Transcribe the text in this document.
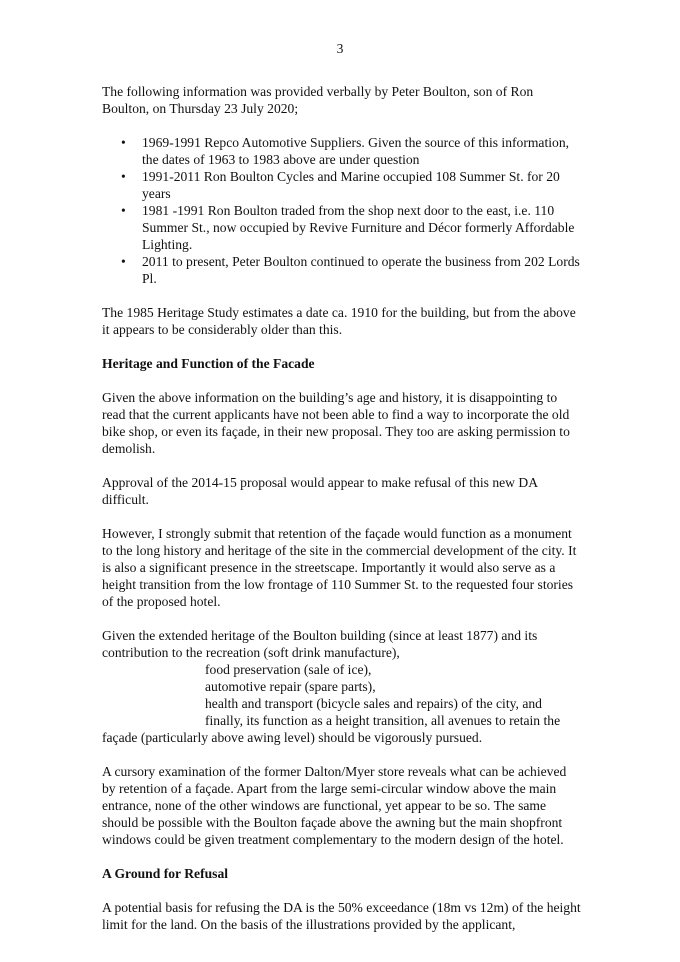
3

The following information was provided verbally by Peter Boulton, son of Ron Boulton, on Thursday 23 July 2020;

• 1969-1991 Repco Automotive Suppliers. Given the source of this information, the dates of 1963 to 1983 above are under question
• 1991-2011 Ron Boulton Cycles and Marine occupied 108 Summer St. for 20 years
• 1981 -1991 Ron Boulton traded from the shop next door to the east, i.e. 110 Summer St., now occupied by Revive Furniture and Décor formerly Affordable Lighting.
• 2011 to present, Peter Boulton continued to operate the business from 202 Lords Pl.

The 1985 Heritage Study estimates a date ca. 1910 for the building, but from the above it appears to be considerably older than this.

Heritage and Function of the Facade

Given the above information on the building’s age and history, it is disappointing to read that the current applicants have not been able to find a way to incorporate the old bike shop, or even its façade, in their new proposal. They too are asking permission to demolish.

Approval of the 2014-15 proposal would appear to make refusal of this new DA difficult.

However, I strongly submit that retention of the façade would function as a monument to the long history and heritage of the site in the commercial development of the city. It is also a significant presence in the streetscape. Importantly it would also serve as a height transition from the low frontage of 110 Summer St. to the requested four stories of the proposed hotel.

Given the extended heritage of the Boulton building (since at least 1877) and its
contribution to the recreation (soft drink manufacture),
food preservation (sale of ice),
automotive repair (spare parts),
health and transport (bicycle sales and repairs) of the city, and
finally, its function as a height transition, all avenues to retain the
façade (particularly above awing level) should be vigorously pursued.

A cursory examination of the former Dalton/Myer store reveals what can be achieved by retention of a façade. Apart from the large semi-circular window above the main entrance, none of the other windows are functional, yet appear to be so. The same should be possible with the Boulton façade above the awning but the main shopfront windows could be given treatment complementary to the modern design of the hotel.

A Ground for Refusal

A potential basis for refusing the DA is the 50% exceedance (18m vs 12m) of the height limit for the land. On the basis of the illustrations provided by the applicant,
